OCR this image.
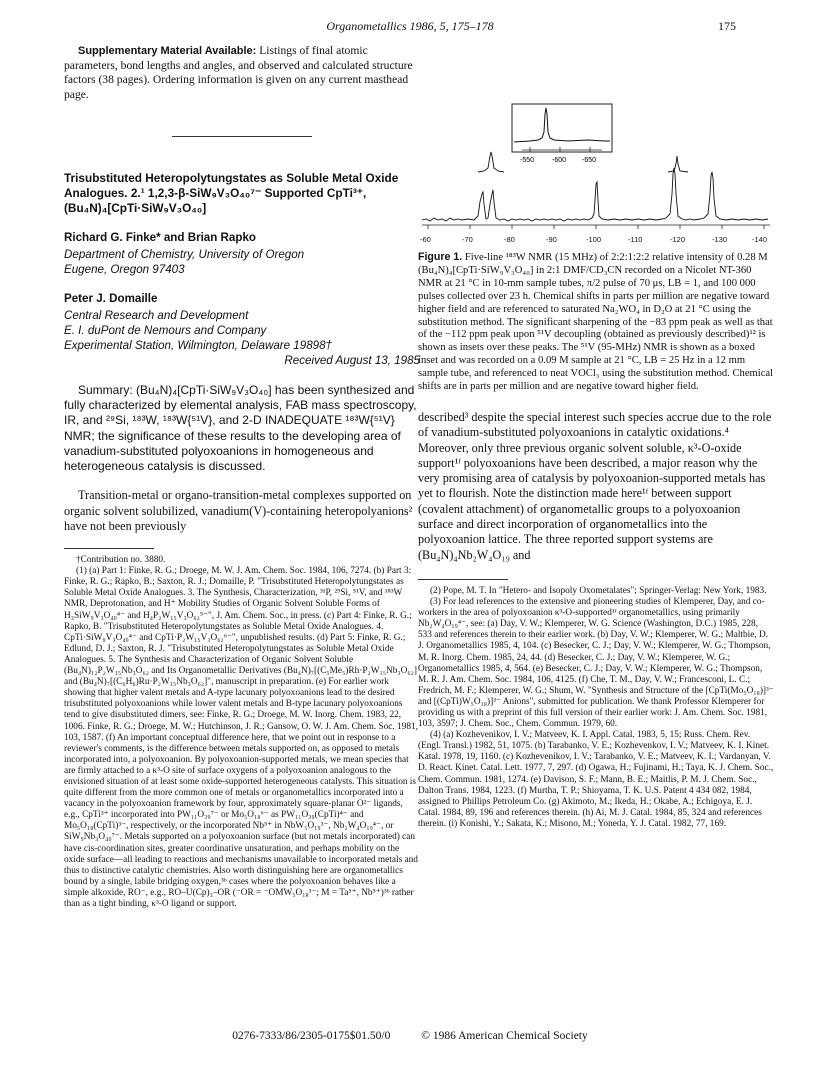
Organometallics 1986, 5, 175–178	175

Supplementary Material Available: Listings of final atomic parameters, bond lengths and angles, and observed and calculated structure factors (38 pages). Ordering information is given on any current masthead page.

Trisubstituted Heteropolytungstates as Soluble Metal Oxide Analogues. 2.¹ 1,2,3-β-SiW₉V₃O₄₀⁷⁻ Supported CpTi³⁺, (Bu₄N)₄[CpTi·SiW₉V₃O₄₀]
Richard G. Finke* and Brian Rapko
Department of Chemistry, University of Oregon
Eugene, Oregon 97403
Peter J. Domaille
Central Research and Development
E. I. duPont de Nemours and Company
Experimental Station, Wilmington, Delaware 19898†
Received August 13, 1985

Summary: (Bu₄N)₄[CpTi·SiW₉V₃O₄₀] has been synthesized and fully characterized by elemental analysis, FAB mass spectroscopy, IR, and ²⁹Si, ¹⁸³W, ¹⁸³W{⁵¹V}, and 2-D INADEQUATE ¹⁸³W{⁵¹V} NMR; the significance of these results to the developing area of vanadium-substituted polyoxoanions in homogeneous and heterogeneous catalysis is discussed.

Transition-metal or organo-transition-metal complexes supported on organic solvent solubilized, vanadium(V)-containing heteropolyanions² have not been previously

†Contribution no. 3880.

(1) (a) Part 1: Finke, R. G.; Droege, M. W. J. Am. Chem. Soc. 1984, 106, 7274. (b) Part 3: Finke, R. G.; Rapko, B.; Saxton, R. J.; Domaille, P. "Trisubstituted Heteropolytungstates as Soluble Metal Oxide Analogues. 3. The Synthesis, Characterization, ³¹P, ²⁹Si, ⁵¹V, and ¹⁸³W NMR, Deprotonation, and H⁺ Mobility Studies of Organic Solvent Soluble Forms of H₃SiW₉V₃O₄₀⁴⁻ and H₄P₂W₁₅V₃O₆₂⁵⁻", J. Am. Chem. Soc., in press. (c) Part 4: Finke, R. G.; Rapko, B. "Trisubstituted Heteropolytungstates as Soluble Metal Oxide Analogues. 4. CpTi·SiW₉V₃O₄₀⁴⁻ and CpTi·P₂W₁₅V₃O₆₂⁶⁻", unpublished results. (d) Part 5: Finke, R. G.; Edlund, D. J.; Saxton, R. J. "Trisubstituted Heteropolytungstates as Soluble Metal Oxide Analogues. 5. The Synthesis and Characterization of Organic Solvent Soluble (Bu₄N)₁₂P₂W₁₅Nb₃O₆₂ and Its Organometallic Derivatives (Bu₄N)₇[(C₅Me₅)Rh·P₂W₁₅Nb₃O₆₂] and (Bu₄N)₇[(C₆H₆)Ru·P₂W₁₅Nb₃O₆₂]", manuscript in preparation. (e) For earlier work showing that higher valent metals and A-type lacunary polyoxoanions lead to the desired trisubstituted polyoxoanions while lower valent metals and B-type lacunary polyoxoanions tend to give disubstituted dimers, see: Finke, R. G.; Droege, M. W. Inorg. Chem. 1983, 22, 1006. Finke, R. G.; Droege, M. W.; Hutchinson, J. R.; Gansow, O. W. J. Am. Chem. Soc. 1981, 103, 1587. (f) An important conceptual difference here, that we point out in response to a reviewer's comments, is the difference between metals supported on, as opposed to metals incorporated into, a polyoxoanion. By polyoxoanion-supported metals, we mean species that are firmly attached to a κ³-O site of surface oxygens of a polyoxoanion analogous to the envisioned situation of at least some oxide-supported heterogeneous catalysts. This situation is quite different from the more common one of metals or organometallics incorporated into a vacancy in the polyoxoanion framework by four, approximately square-planar O²⁻ ligands, e.g., CpTi³⁺ incorporated into PW₁₁O₃₉⁷⁻ or Mo₅O₁₈⁶⁻ as PW₁₁O₃₉(CpTi)⁴⁻ and Mo₅O₁₈(CpTi)³⁻, respectively, or the incorporated Nb⁵⁺ in NbW₅O₁₉³⁻, Nb₂W₄O₁₉⁴⁻, or SiW₉Nb₃O₄₀⁷⁻. Metals supported on a polyoxoanion surface (but not metals incorporated) can have cis-coordination sites, greater coordinative unsaturation, and perhaps mobility on the oxide surface—all leading to reactions and mechanisms unavailable to incorporated metals and thus to distinctive catalytic chemistries. Also worth distinguishing here are organometallics bound by a single, labile bridging oxygen,³ᵇ cases where the polyoxoanion behaves like a simple alkoxide, RO⁻, e.g., RO–U(Cp)₃–OR (⁻OR = ⁻OMW₅O₁₈³⁻; M = Ta⁵⁺, Nb⁵⁺)³ᵇ rather than as a tight binding, κ³-O ligand or support.

-550	-600 -650
-60	-70	-80	-90	-100	-110	-120	-130	-140

Figure 1. Five-line ¹⁸³W NMR (15 MHz) of 2:2:1:2:2 relative intensity of 0.28 M (Bu₄N)₄[CpTi·SiW₉V₃O₄₀] in 2:1 DMF/CD₃CN recorded on a Nicolet NT-360 NMR at 21 °C in 10-mm sample tubes, π/2 pulse of 70 μs, LB = 1, and 100 000 pulses collected over 23 h. Chemical shifts in parts per million are negative toward higher field and are referenced to saturated Na₂WO₄ in D₂O at 21 °C using the substitution method. The significant sharpening of the −83 ppm peak as well as that of the −112 ppm peak upon ⁵¹V decoupling (obtained as previously described)¹² is shown as insets over these peaks. The ⁵¹V (95-MHz) NMR is shown as a boxed inset and was recorded on a 0.09 M sample at 21 °C, LB = 25 Hz in a 12 mm sample tube, and referenced to neat VOCl₃ using the substitution method. Chemical shifts are in parts per million and are negative toward higher field.

described³ despite the special interest such species accrue due to the role of vanadium-substituted polyoxoanions in catalytic oxidations.⁴ Moreover, only three previous organic solvent soluble, κ³-O-oxide support¹ᶠ polyoxoanions have been described, a major reason why the very promising area of catalysis by polyoxoanion-supported metals has yet to flourish. Note the distinction made here¹ᶠ between support (covalent attachment) of organometallic groups to a polyoxoanion surface and direct incorporation of organometallics into the polyoxoanion lattice. The three reported support systems are (Bu₄N)₄Nb₂W₄O₁₉ and

(2) Pope, M. T. In "Hetero- and Isopoly Oxometalates"; Springer-Verlag: New York, 1983.

(3) For lead references to the extensive and pioneering studies of Klemperer, Day, and co-workers in the area of polyoxoanion κ³-O-supported¹ᶠ organometallics, using primarily Nb₂W₄O₁₉⁴⁻, see: (a) Day, V. W.; Klemperer, W. G. Science (Washington, D.C.) 1985, 228, 533 and references therein to their earlier work. (b) Day, V. W.; Klemperer, W. G.; Maltbie, D. J. Organometallics 1985, 4, 104. (c) Besecker, C. J.; Day, V. W.; Klemperer, W. G.; Thompson, M. R. Inorg. Chem. 1985, 24, 44. (d) Besecker, C. J.; Day, V. W.; Klemperer, W. G.; Organometallics 1985, 4, 564. (e) Besecker, C. J.; Day, V. W.; Klemperer, W. G.; Thompson, M. R. J. Am. Chem. Soc. 1984, 106, 4125. (f) Che, T. M., Day, V. W.; Francesconi, L. C.; Fredrich, M. F.; Klemperer, W. G.; Shum, W. "Synthesis and Structure of the [CpTi(Mo₅O₁₈)]³⁻ and [(CpTi)W₅O₁₈)]³⁻ Anions", submitted for publication. We thank Professor Klemperer for providing us with a preprint of this full version of their earlier work: J. Am. Chem. Soc. 1981, 103, 3597; J. Chem. Soc., Chem. Commun. 1979, 60.

(4) (a) Kozhevenikov, I. V.; Matveev, K. I. Appl. Catal. 1983, 5, 15; Russ. Chem. Rev. (Engl. Transl.) 1982, 51, 1075. (b) Tarabanko, V. E.; Kozhevenkov, I. V.; Matveev, K. I. Kinet. Katal. 1978, 19, 1160. (c) Kozhevenikov, I. V.; Tarabanko, V. E.; Matveev, K. I.; Vardanyan, V. D. React. Kinet. Catal. Lett. 1977, 7, 297. (d) Ogawa, H.; Fujinami, H.; Taya, K. J. Chem. Soc., Chem. Commun. 1981, 1274. (e) Davison, S. F.; Mann, B. E.; Maitlis, P. M. J. Chem. Soc., Dalton Trans. 1984, 1223. (f) Murtha, T. P.; Shioyama, T. K. U.S. Patent 4 434 082, 1984, assigned to Phillips Petroleum Co. (g) Akimoto, M.; Ikeda, H.; Okabe, A.; Echigoya, E. J. Catal. 1984, 89, 196 and references therein. (h) Ai, M. J. Catal. 1984, 85, 324 and references therein. (i) Konishi, Y.; Sakata, K.; Misono, M.; Yoneda, Y. J. Catal. 1982, 77, 169.

0276-7333/86/2305-0175$01.50/0	© 1986 American Chemical Society
